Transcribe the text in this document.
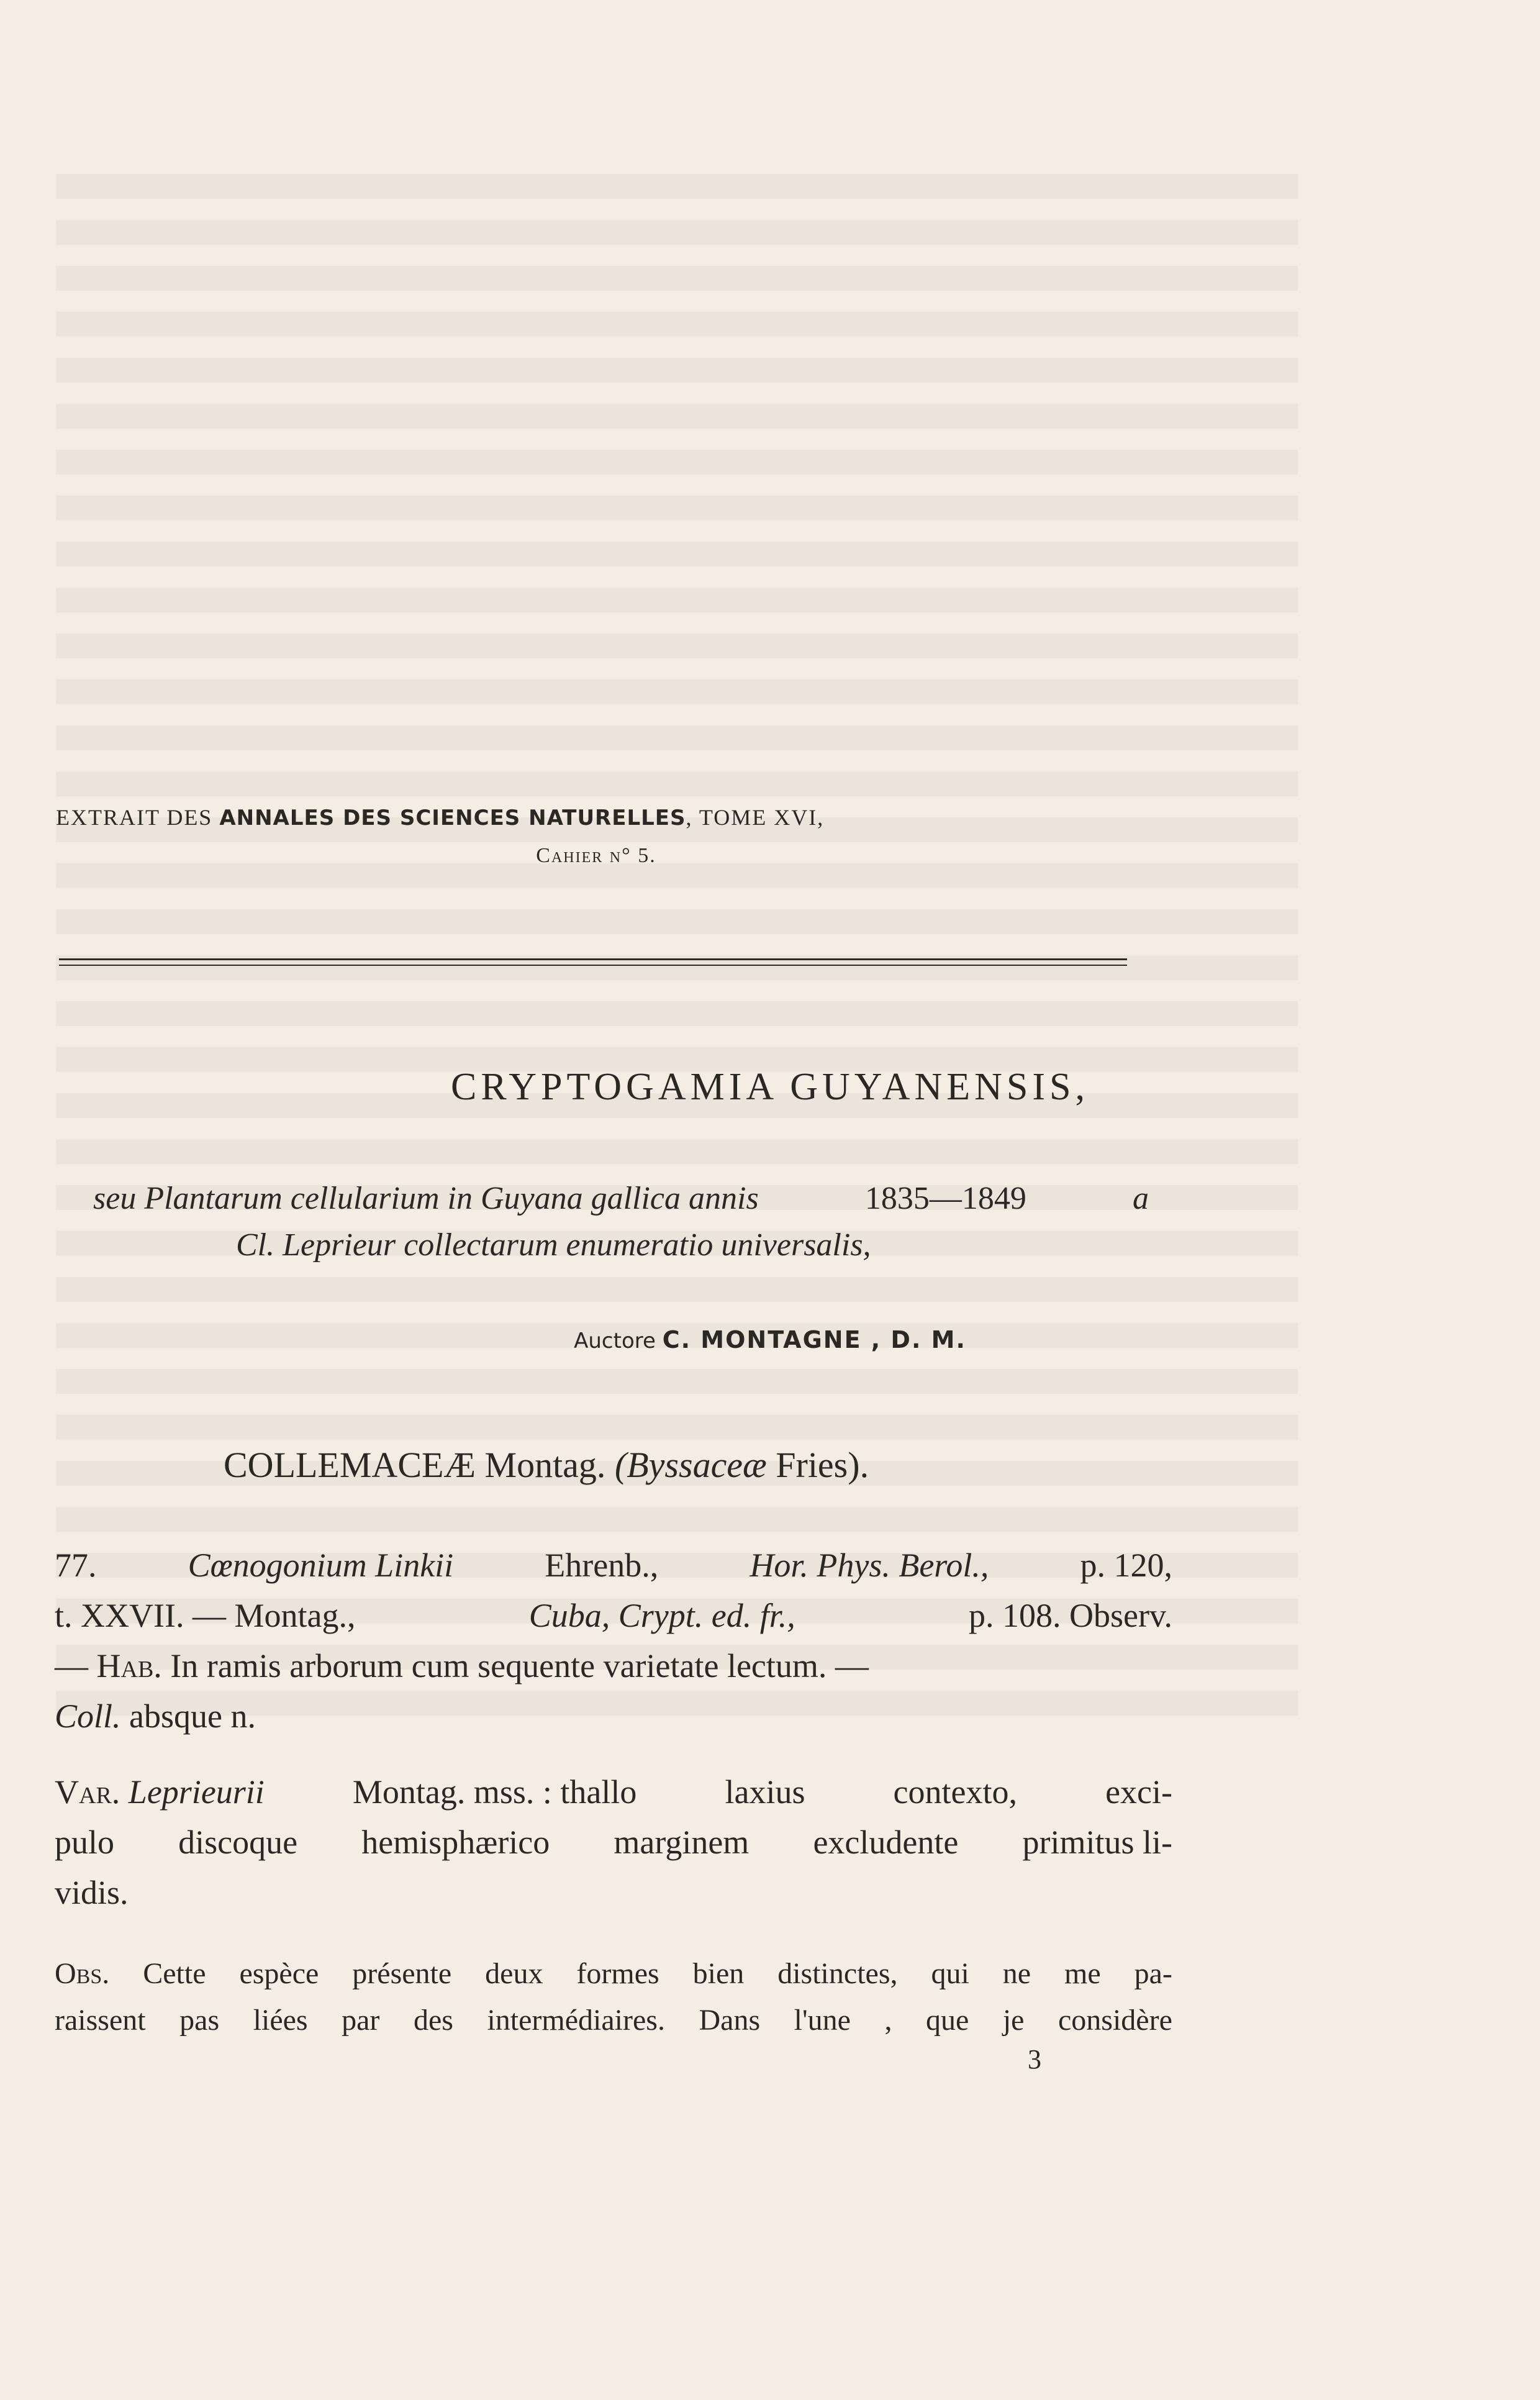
EXTRAIT DES ANNALES DES SCIENCES NATURELLES, TOME XVI,
Cahier n° 5.
CRYPTOGAMIA GUYANENSIS,
seu Plantarum cellularium in Guyana gallica annis	1835—1849	a
Cl. Leprieur collectarum enumeratio universalis,
Auctore C. MONTAGNE , D. M.
COLLEMACEÆ Montag. (Byssaceæ Fries).
77.	Cœnogonium Linkii	Ehrenb.,	Hor. Phys. Berol.,	p. 120,
t. XXVII. — Montag.,	Cuba, Crypt. ed. fr.,	p. 108. Observ.
— Hab. In ramis arborum cum sequente varietate lectum. —
Coll. absque n.
Var. Leprieurii	Montag. mss. : thallo	laxius	contexto,	exci-
pulo discoque hemisphærico marginem excludente primitus li-
vidis.
Obs. Cette espèce présente deux formes bien distinctes, qui ne me pa-
raissent pas liées par des intermédiaires. Dans l'une , que je considère
3
